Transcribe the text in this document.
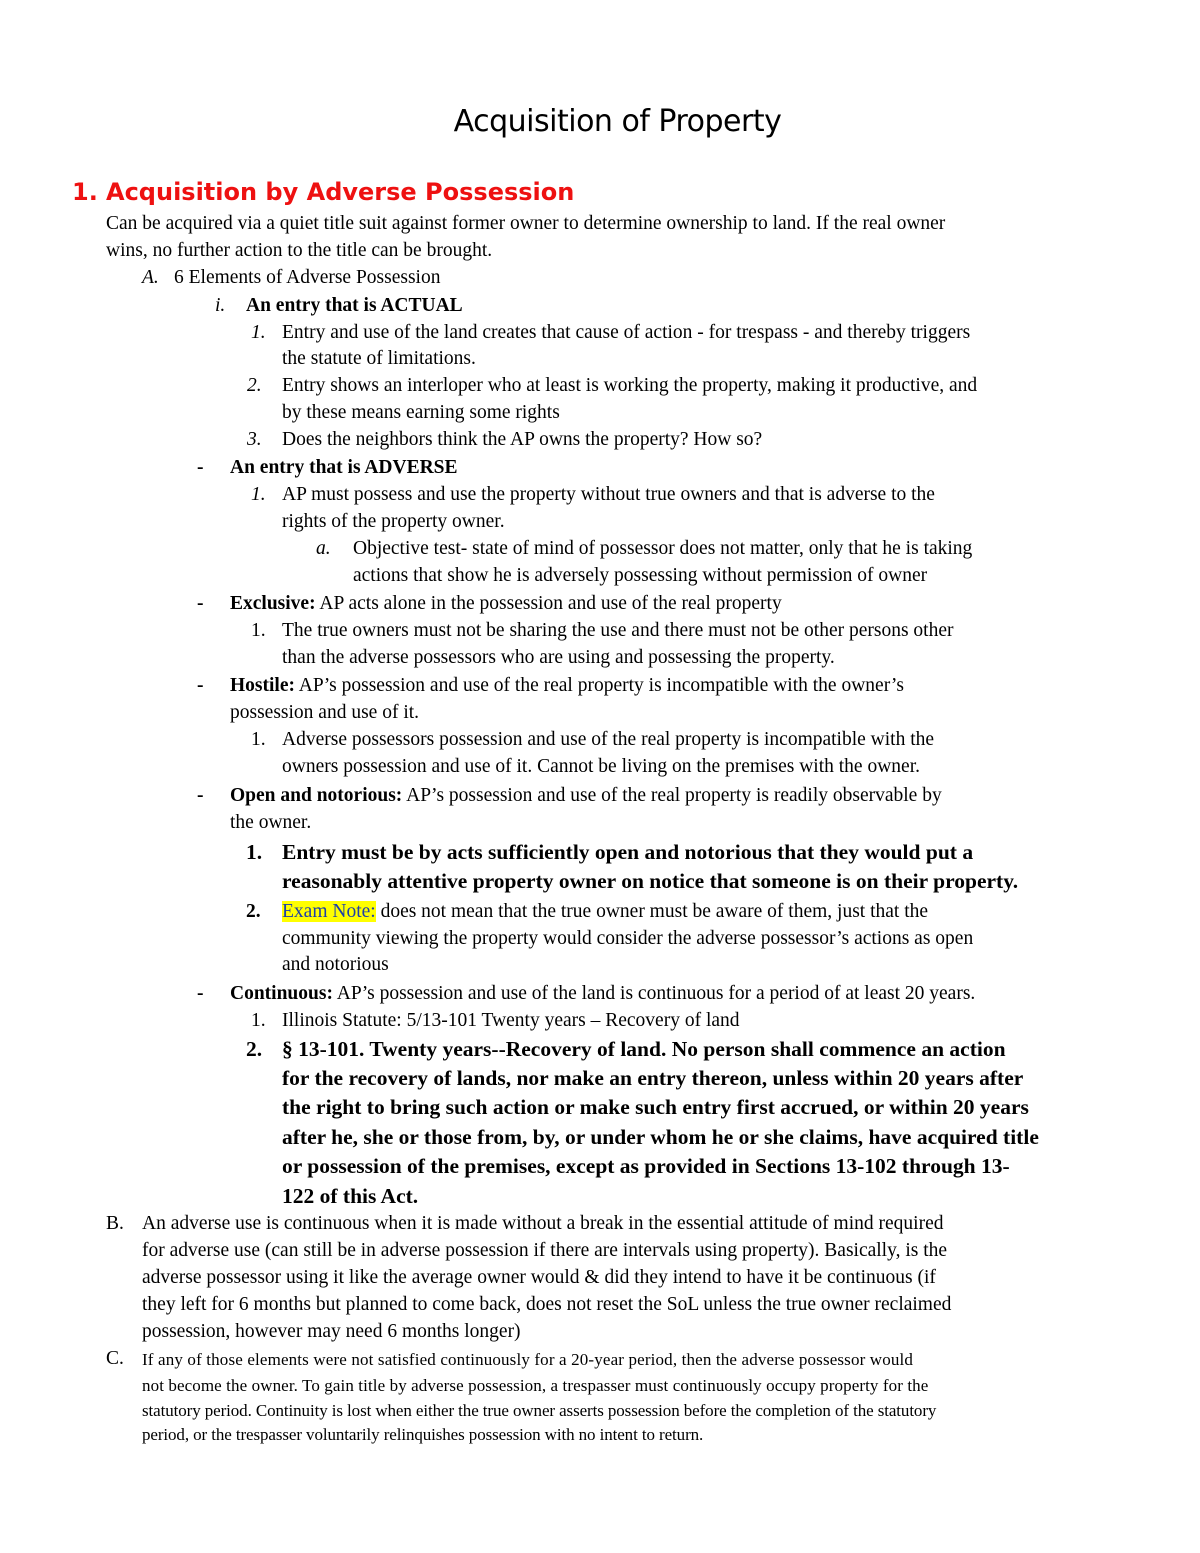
Acquisition of Property
1. Acquisition by Adverse Possession
Can be acquired via a quiet title suit against former owner to determine ownership to land. If the real owner
wins, no further action to the title can be brought.
A. 6 Elements of Adverse Possession
i. An entry that is ACTUAL
1. Entry and use of the land creates that cause of action - for trespass - and thereby triggers
the statute of limitations.
2. Entry shows an interloper who at least is working the property, making it productive, and
by these means earning some rights
3. Does the neighbors think the AP owns the property? How so?
- An entry that is ADVERSE
1. AP must possess and use the property without true owners and that is adverse to the
rights of the property owner.
a. Objective test- state of mind of possessor does not matter, only that he is taking
actions that show he is adversely possessing without permission of owner
- Exclusive: AP acts alone in the possession and use of the real property
1. The true owners must not be sharing the use and there must not be other persons other
than the adverse possessors who are using and possessing the property.
- Hostile: AP’s possession and use of the real property is incompatible with the owner’s
possession and use of it.
1. Adverse possessors possession and use of the real property is incompatible with the
owners possession and use of it. Cannot be living on the premises with the owner.
- Open and notorious: AP’s possession and use of the real property is readily observable by
the owner.
1. Entry must be by acts sufficiently open and notorious that they would put a
reasonably attentive property owner on notice that someone is on their property.
2. Exam Note: does not mean that the true owner must be aware of them, just that the
community viewing the property would consider the adverse possessor’s actions as open
and notorious
- Continuous: AP’s possession and use of the land is continuous for a period of at least 20 years.
1. Illinois Statute: 5/13-101 Twenty years – Recovery of land
2. § 13-101. Twenty years--Recovery of land. No person shall commence an action
for the recovery of lands, nor make an entry thereon, unless within 20 years after
the right to bring such action or make such entry first accrued, or within 20 years
after he, she or those from, by, or under whom he or she claims, have acquired title
or possession of the premises, except as provided in Sections 13-102 through 13-
122 of this Act.
B. An adverse use is continuous when it is made without a break in the essential attitude of mind required
for adverse use (can still be in adverse possession if there are intervals using property). Basically, is the
adverse possessor using it like the average owner would & did they intend to have it be continuous (if
they left for 6 months but planned to come back, does not reset the SoL unless the true owner reclaimed
possession, however may need 6 months longer)
C. If any of those elements were not satisfied continuously for a 20-year period, then the adverse possessor would
not become the owner. To gain title by adverse possession, a trespasser must continuously occupy property for the
statutory period. Continuity is lost when either the true owner asserts possession before the completion of the statutory
period, or the trespasser voluntarily relinquishes possession with no intent to return.
